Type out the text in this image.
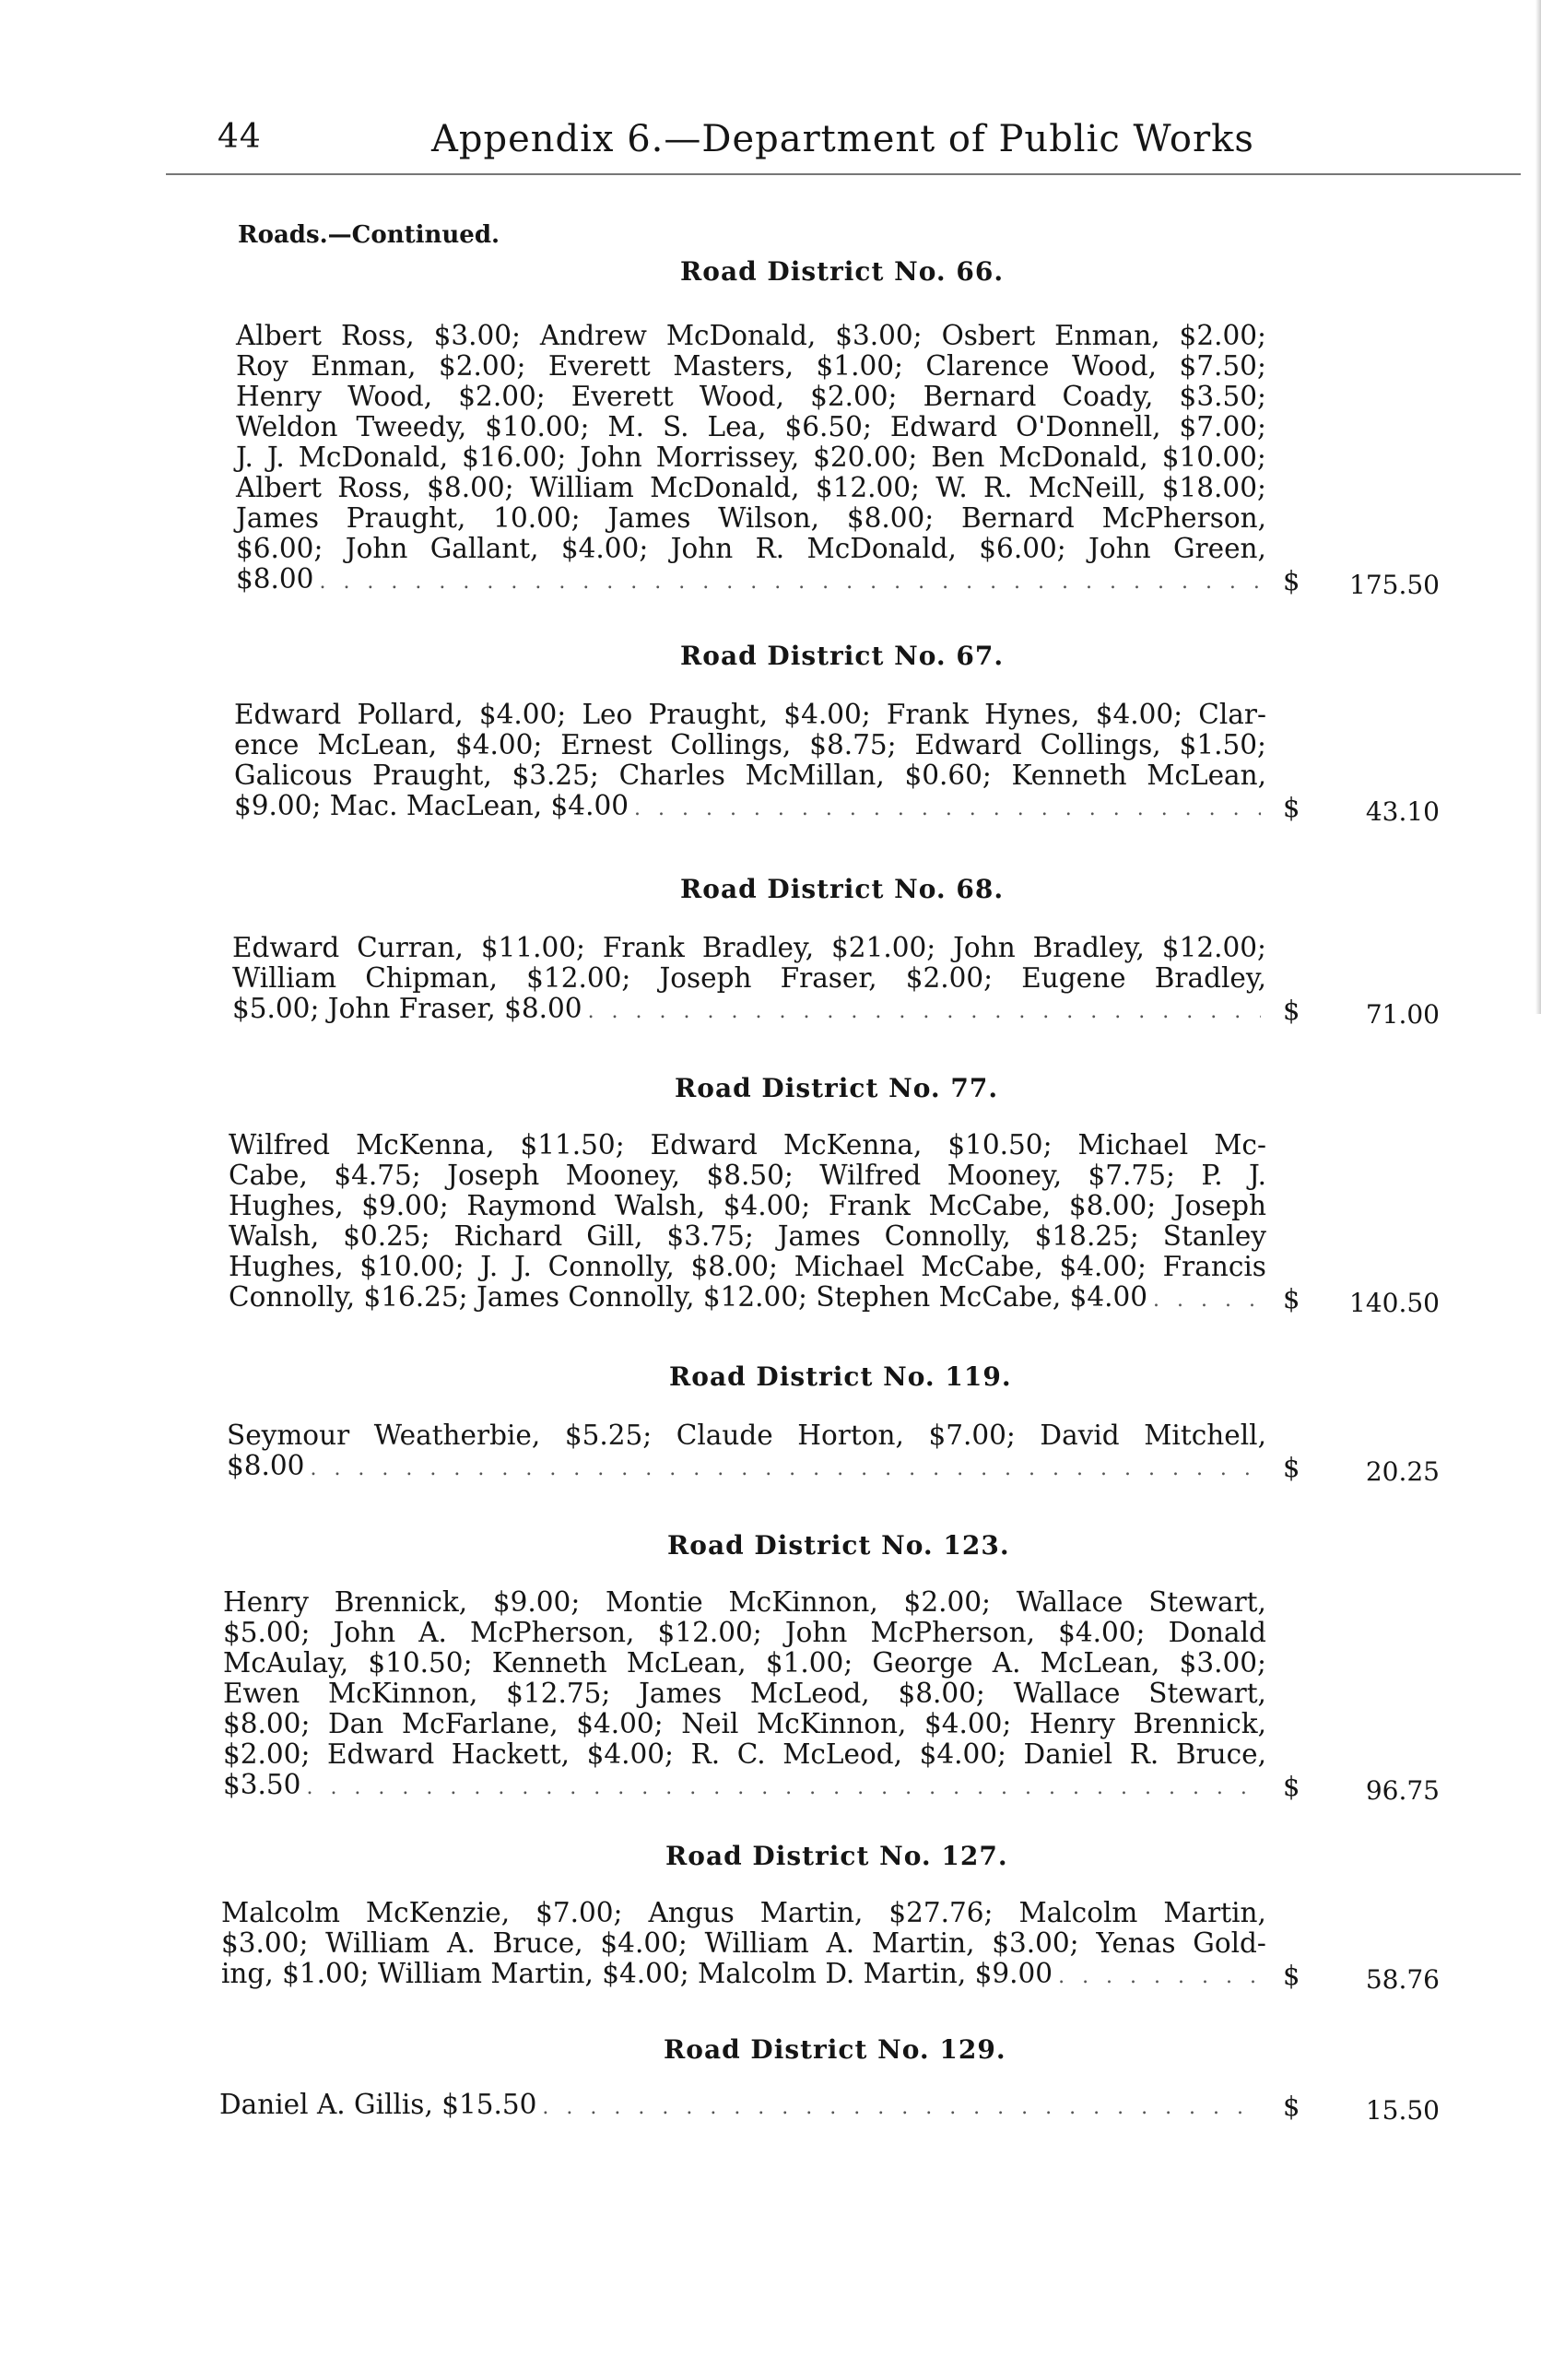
44	Appendix 6.—Department of Public Works
Roads.—Continued.
Road District No. 66.
Albert Ross, $3.00; Andrew McDonald, $3.00; Osbert Enman, $2.00;
Roy Enman, $2.00; Everett Masters, $1.00; Clarence Wood, $7.50;
Henry Wood, $2.00; Everett Wood, $2.00; Bernard Coady, $3.50;
Weldon Tweedy, $10.00; M. S. Lea, $6.50; Edward O'Donnell, $7.00;
J. J. McDonald, $16.00; John Morrissey, $20.00; Ben McDonald, $10.00;
Albert Ross, $8.00; William McDonald, $12.00; W. R. McNeill, $18.00;
James Praught, 10.00; James Wilson, $8.00; Bernard McPherson,
$6.00; John Gallant, $4.00; John R. McDonald, $6.00; John Green,
$8.00 . . .	$	175.50
Road District No. 67.
Edward Pollard, $4.00; Leo Praught, $4.00; Frank Hynes, $4.00; Clar-
ence McLean, $4.00; Ernest Collings, $8.75; Edward Collings, $1.50;
Galicous Praught, $3.25; Charles McMillan, $0.60; Kenneth McLean,
$9.00; Mac. MacLean, $4.00 . . .	$	43.10
Road District No. 68.
Edward Curran, $11.00; Frank Bradley, $21.00; John Bradley, $12.00;
William Chipman, $12.00; Joseph Fraser, $2.00; Eugene Bradley,
$5.00; John Fraser, $8.00 . . .	$	71.00
Road District No. 77.
Wilfred McKenna, $11.50; Edward McKenna, $10.50; Michael Mc-
Cabe, $4.75; Joseph Mooney, $8.50; Wilfred Mooney, $7.75; P. J.
Hughes, $9.00; Raymond Walsh, $4.00; Frank McCabe, $8.00; Joseph
Walsh, $0.25; Richard Gill, $3.75; James Connolly, $18.25; Stanley
Hughes, $10.00; J. J. Connolly, $8.00; Michael McCabe, $4.00; Francis
Connolly, $16.25; James Connolly, $12.00; Stephen McCabe, $4.00 . . .	$	140.50
Road District No. 119.
Seymour Weatherbie, $5.25; Claude Horton, $7.00; David Mitchell,
$8.00 . . .	$	20.25
Road District No. 123.
Henry Brennick, $9.00; Montie McKinnon, $2.00; Wallace Stewart,
$5.00; John A. McPherson, $12.00; John McPherson, $4.00; Donald
McAulay, $10.50; Kenneth McLean, $1.00; George A. McLean, $3.00;
Ewen McKinnon, $12.75; James McLeod, $8.00; Wallace Stewart,
$8.00; Dan McFarlane, $4.00; Neil McKinnon, $4.00; Henry Brennick,
$2.00; Edward Hackett, $4.00; R. C. McLeod, $4.00; Daniel R. Bruce,
$3.50 . . .	$	96.75
Road District No. 127.
Malcolm McKenzie, $7.00; Angus Martin, $27.76; Malcolm Martin,
$3.00; William A. Bruce, $4.00; William A. Martin, $3.00; Yenas Gold-
ing, $1.00; William Martin, $4.00; Malcolm D. Martin, $9.00 . . .	$	58.76
Road District No. 129.
Daniel A. Gillis, $15.50 . . .	$	15.50
